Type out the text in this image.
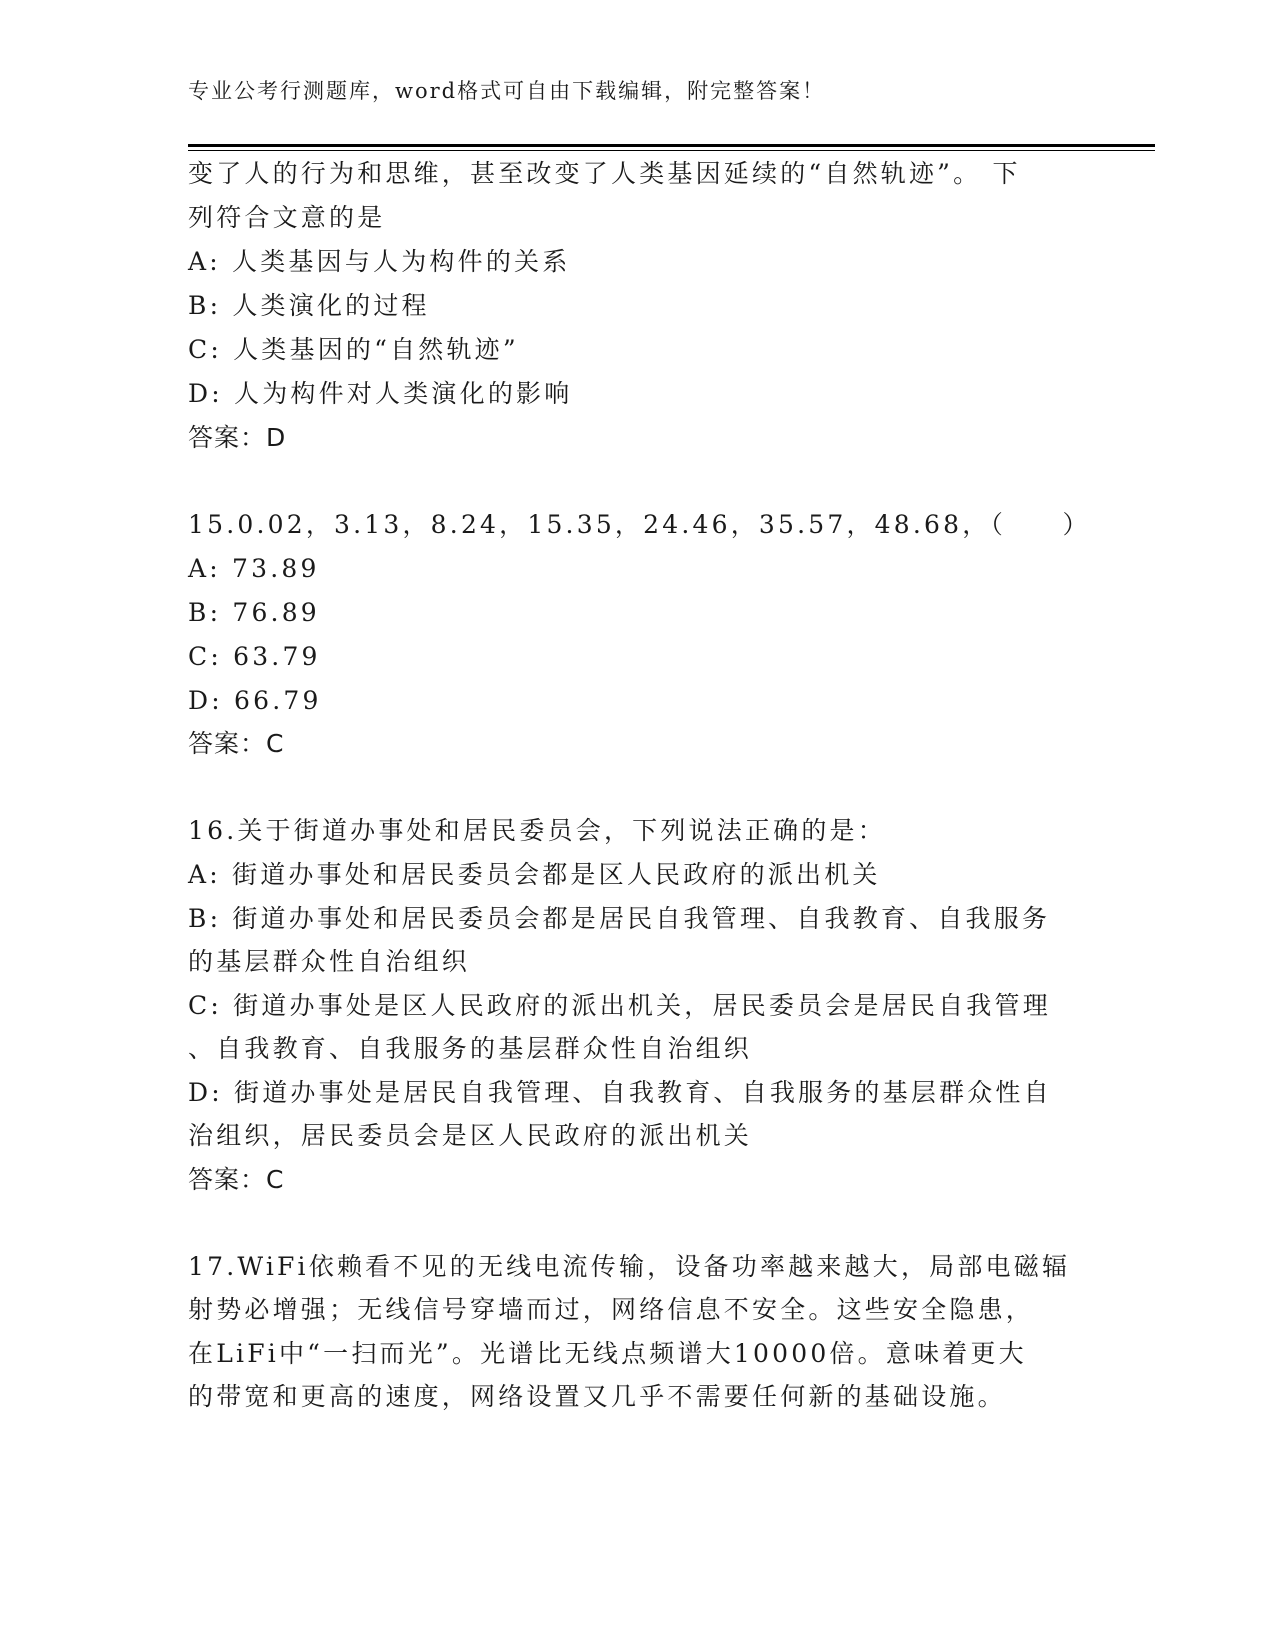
专业公考行测题库，word格式可自由下载编辑，附完整答案！
变了人的行为和思维，甚至改变了人类基因延续的“自然轨迹”。 下
列符合文意的是
A: 人类基因与人为构件的关系
B: 人类演化的过程
C: 人类基因的“自然轨迹”
D: 人为构件对人类演化的影响
答案：D
15.0.02，3.13，8.24，15.35，24.46，35.57，48.68，（　　）
A: 73.89
B: 76.89
C: 63.79
D: 66.79
答案：C
16.关于街道办事处和居民委员会，下列说法正确的是：
A: 街道办事处和居民委员会都是区人民政府的派出机关
B: 街道办事处和居民委员会都是居民自我管理、自我教育、自我服务
的基层群众性自治组织
C: 街道办事处是区人民政府的派出机关，居民委员会是居民自我管理
、自我教育、自我服务的基层群众性自治组织
D: 街道办事处是居民自我管理、自我教育、自我服务的基层群众性自
治组织，居民委员会是区人民政府的派出机关
答案：C
17.WiFi依赖看不见的无线电流传输，设备功率越来越大，局部电磁辐
射势必增强；无线信号穿墙而过，网络信息不安全。这些安全隐患，
在LiFi中“一扫而光”。光谱比无线点频谱大10000倍。意味着更大
的带宽和更高的速度，网络设置又几乎不需要任何新的基础设施。
